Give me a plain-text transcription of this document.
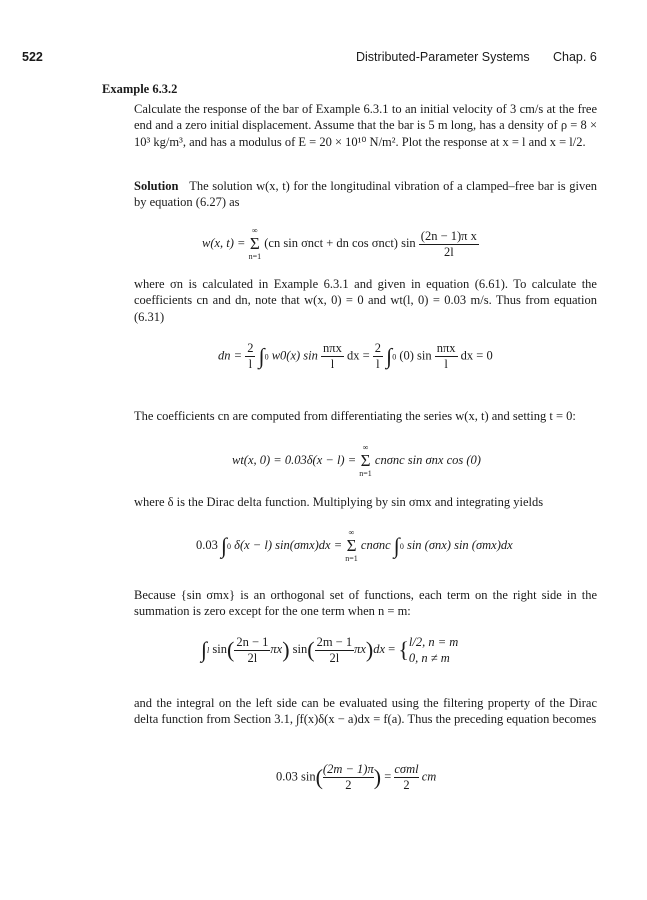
522	Distributed-Parameter Systems Chap. 6
Example 6.3.2

Calculate the response of the bar of Example 6.3.1 to an initial velocity of 3 cm/s at the free end and a zero initial displacement. Assume that the bar is 5 m long, has a density of ρ = 8 × 10³ kg/m³, and has a modulus of E = 20 × 10¹⁰ N/m². Plot the response at x = l and x = l/2.

Solution The solution w(x, t) for the longitudinal vibration of a clamped–free bar is given by equation (6.27) as

w(x, t) =
∞
Σ
n=1
(cn sin σnct + dn cos σnct) $\sin \frac{\text{(2n − 1)π x}}{2l}$

where σn is calculated in Example 6.3.1 and given in equation (6.61). To calculate the coefficients cn and dn, note that w(x, 0) = 0 and wt(l, 0) = 0.03 m/s. Thus from equation (6.31)

dn = $\frac{2}{l} \int 0$ w0(x) $\sin \frac{\text{nπx}}{l}$ dx = $\frac{2}{l} \int 0$ (0) $\sin \frac{\text{nπx}}{l}$ dx = 0

The coefficients cn are computed from differentiating the series w(x, t) and setting t = 0:

wt(x, 0) = 0.03δ(x − l) =
∞
Σ
n=1
cnσnc sin σnx cos (0)

where δ is the Dirac delta function. Multiplying by sin σmx and integrating yields

0.03 ∫0 δ(x − l) sin(σmx)dx =
∞
Σ
n=1
cnσnc ∫0 sin (σnx) sin (σmx)dx

Because {sin σmx} is an orthogonal set of functions, each term on the right side in the summation is zero except for the one term when n = m:

∫l $\sin( \frac{2n - 1}{2l} \pi x)$ $\sin( \frac{2m - 1}{2l} \pi x)dx$ = { l/2, n = m
0, n ≠ m

and the integral on the left side can be evaluated using the filtering property of the Dirac delta function from Section 3.1, ∫f(x)δ(x − a)dx = f(a). Thus the preceding equation becomes

0.03 $\sin(\frac{(2m - 1)\pi}{2}$ ) = $\frac{\text{cσml}}{2}$ cm
